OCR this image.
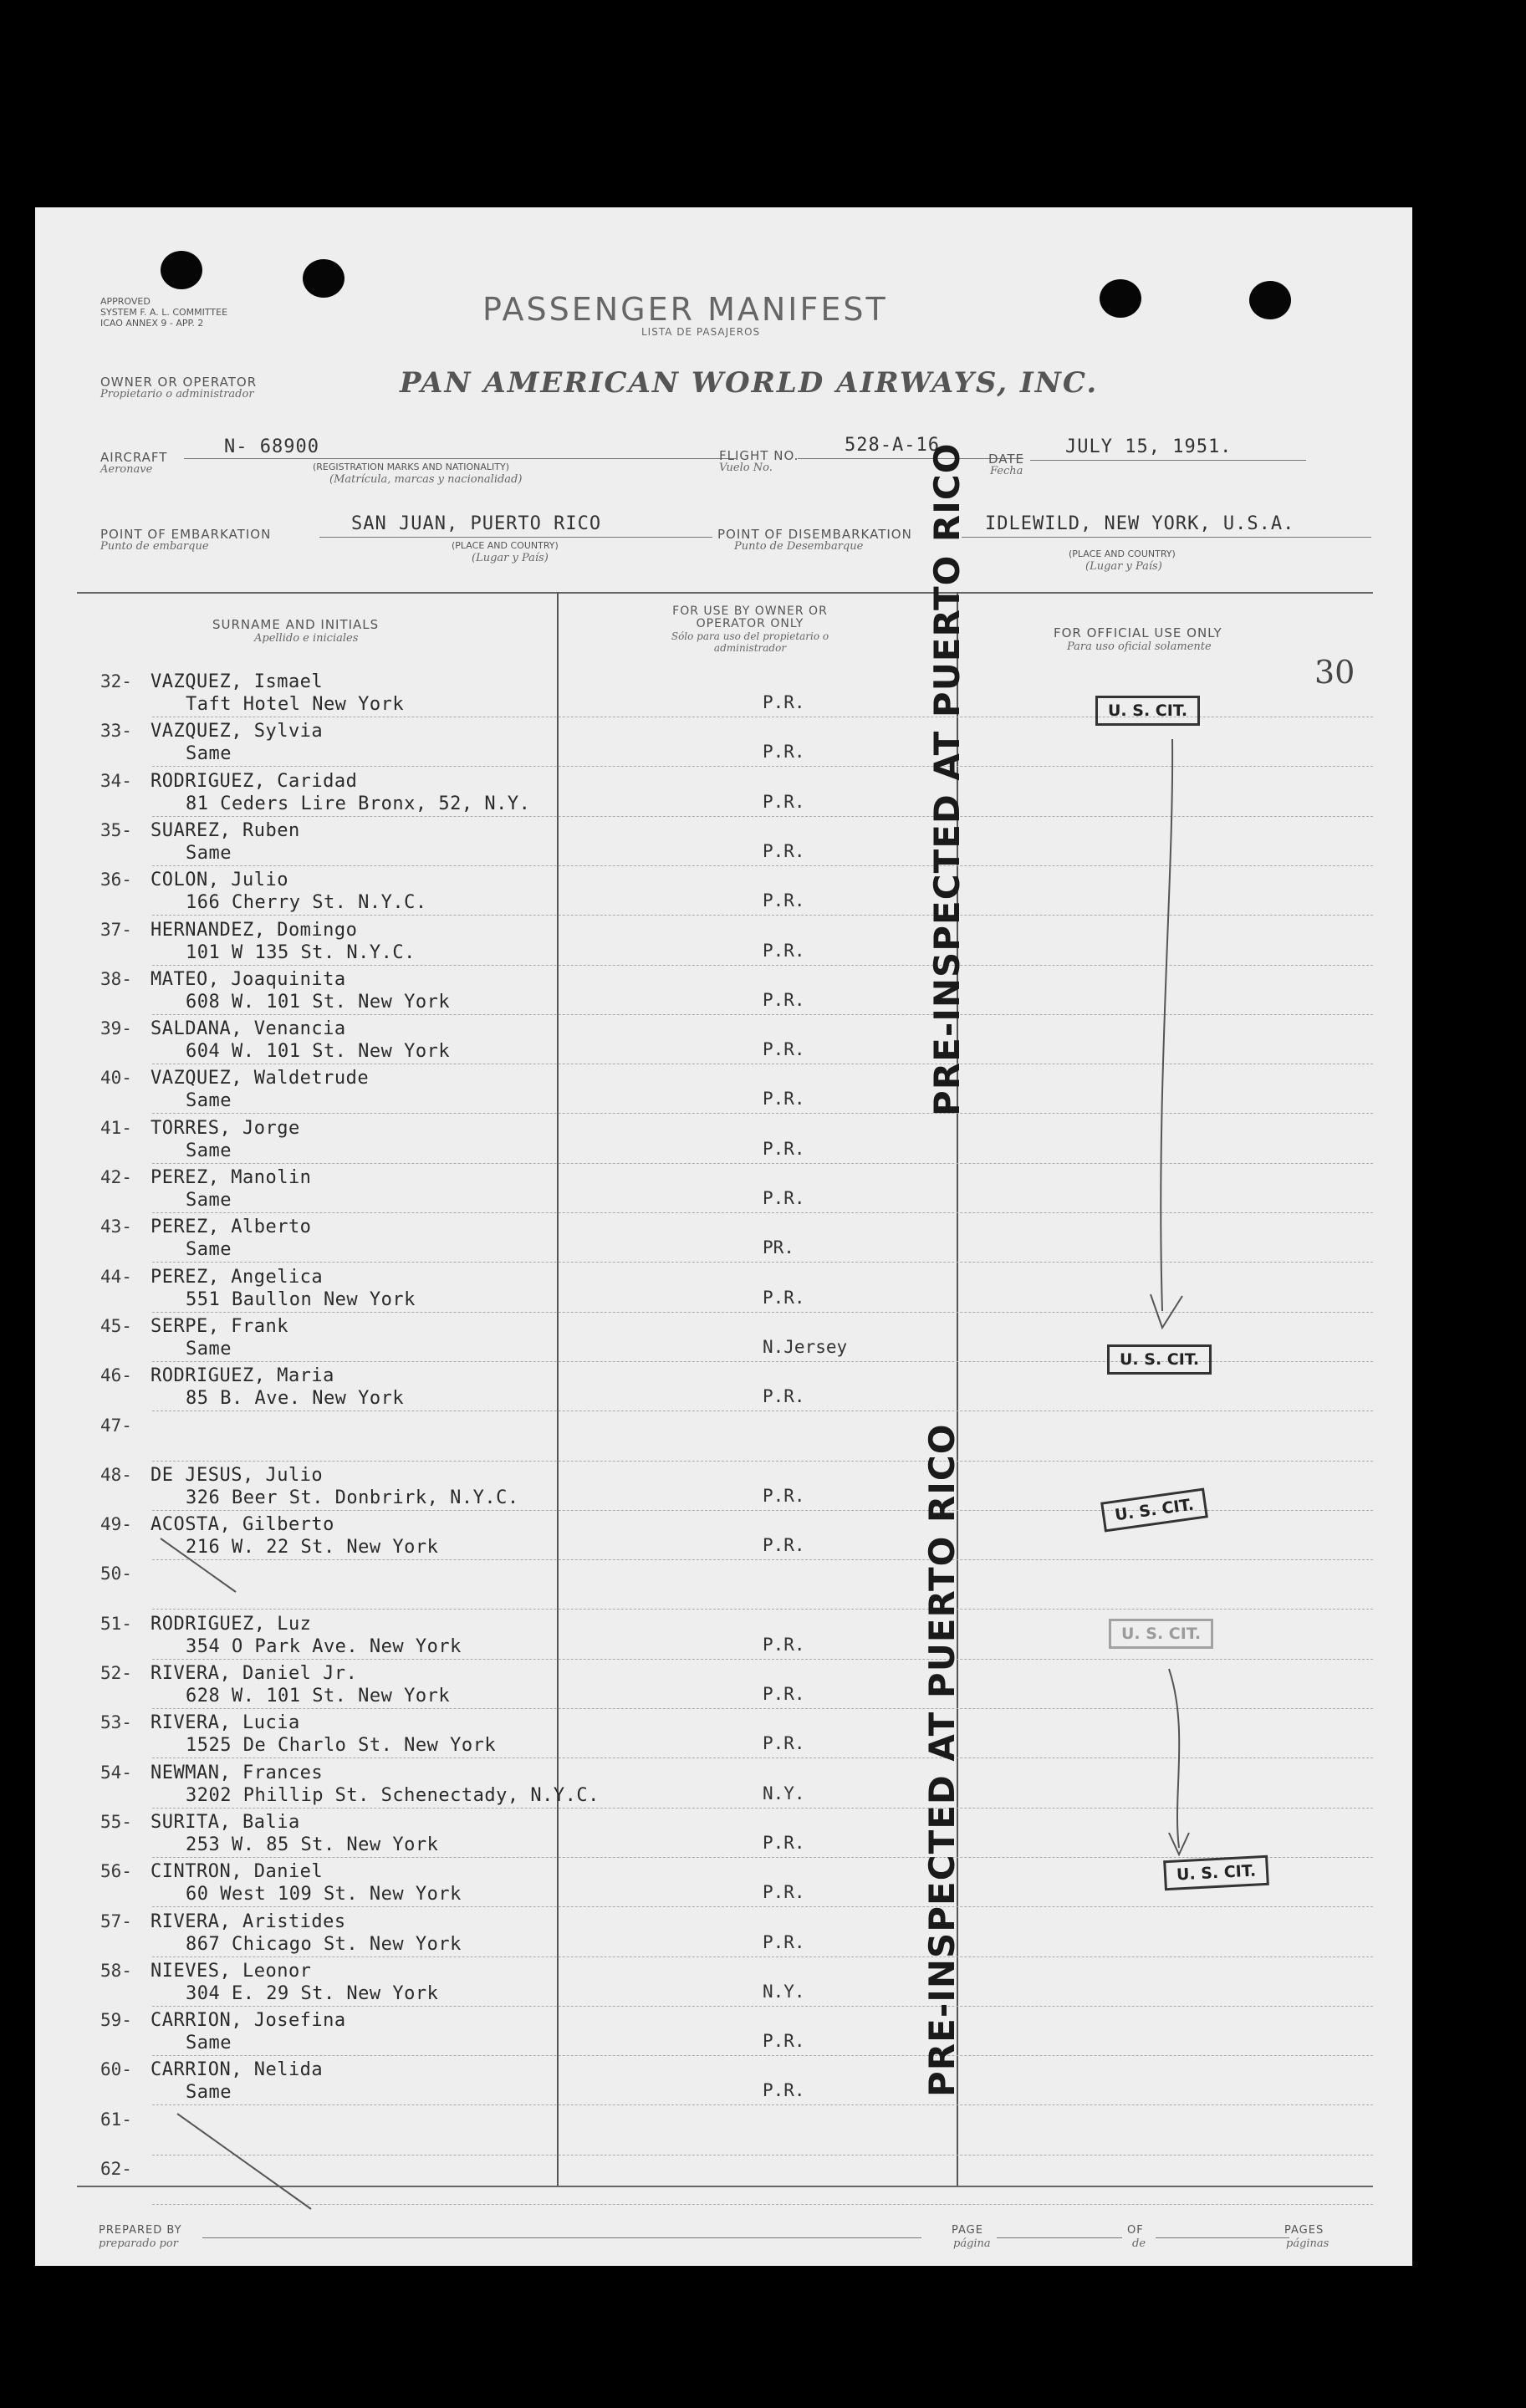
APPROVED
SYSTEM F. A. L. COMMITTEE
ICAO ANNEX 9 - APP. 2	PASSENGER MANIFEST
LISTA DE PASAJEROS
OWNER OR OPERATOR
Propietario o administrador	PAN AMERICAN WORLD AIRWAYS, INC.
AIRCRAFT
Aeronave
N- 68900
(REGISTRATION MARKS AND NATIONALITY)
(Matrícula, marcas y nacionalidad)
FLIGHT NO.
Vuelo No.
528-A-16
DATE
Fecha
JULY 15, 1951.
POINT OF EMBARKATION
Punto de embarque
SAN JUAN, PUERTO RICO
(PLACE AND COUNTRY)
(Lugar y País)
POINT OF DISEMBARKATION
Punto de Desembarque
IDLEWILD, NEW YORK, U.S.A.
(PLACE AND COUNTRY)
(Lugar y País)
SURNAME AND INITIALS
Apellido e iniciales
FOR USE BY OWNER OR OPERATOR ONLY
Sólo para uso del propietario o administrador
FOR OFFICIAL USE ONLY
Para uso oficial solamente
30
32- VAZQUEZ, Ismael
Taft Hotel New York	P.R.
33- VAZQUEZ, Sylvia
Same	P.R.
34- RODRIGUEZ, Caridad
81 Ceders Lire Bronx, 52, N.Y.	P.R.
35- SUAREZ, Ruben
Same	P.R.
36- COLON, Julio
166 Cherry St. N.Y.C.	P.R.
37- HERNANDEZ, Domingo
101 W 135 St. N.Y.C.	P.R.
38- MATEO, Joaquinita
608 W. 101 St. New York	P.R.
39- SALDANA, Venancia
604 W. 101 St. New York	P.R.
40- VAZQUEZ, Waldetrude
Same	P.R.
41- TORRES, Jorge
Same	P.R.
42- PEREZ, Manolin
Same	P.R.
43- PEREZ, Alberto
Same	PR.
44- PEREZ, Angelica
551 Baullon New York	P.R.
45- SERPE, Frank
Same	N.Jersey
46- RODRIGUEZ, Maria
85 B. Ave. New York	P.R.
47-
48- DE JESUS, Julio
326 Beer St. Donbrirk, N.Y.C.	P.R.
49- ACOSTA, Gilberto
216 W. 22 St. New York	P.R.
50-
51- RODRIGUEZ, Luz
354 O Park Ave. New York	P.R.
52- RIVERA, Daniel Jr.
628 W. 101 St. New York	P.R.
53- RIVERA, Lucia
1525 De Charlo St. New York	P.R.
54- NEWMAN, Frances
3202 Phillip St. Schenectady, N.Y.C.	N.Y.
55- SURITA, Balia
253 W. 85 St. New York	P.R.
56- CINTRON, Daniel
60 West 109 St. New York	P.R.
57- RIVERA, Aristides
867 Chicago St. New York	P.R.
58- NIEVES, Leonor
304 E. 29 St. New York	N.Y.
59- CARRION, Josefina
Same	P.R.
60- CARRION, Nelida
Same	P.R.
61-
62-
PRE-INSPECTED AT PUERTO RICO
PRE-INSPECTED AT PUERTO RICO
U. S. CIT.
U. S. CIT.
U. S. CIT.
U. S. CIT.
U. S. CIT.
PREPARED BY
preparado por
PAGE
página
OF
de
PAGES
páginas
